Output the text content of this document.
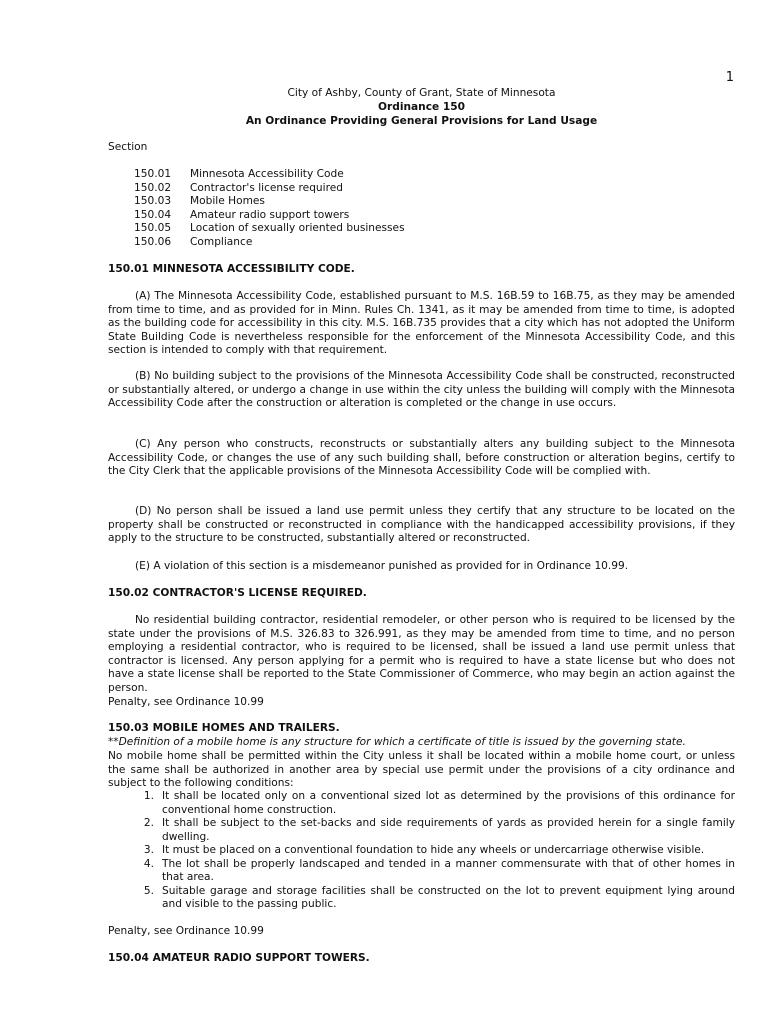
City of Ashby, County of Grant, State of Minnesota
Ordinance 150
An Ordinance Providing General Provisions for Land Usage
Section
150.01	Minnesota Accessibility Code
150.02	Contractor's license required
150.03	Mobile Homes
150.04	Amateur radio support towers
150.05	Location of sexually oriented businesses
150.06	Compliance
150.01 MINNESOTA ACCESSIBILITY CODE.
(A) The Minnesota Accessibility Code, established pursuant to M.S. 16B.59 to 16B.75, as they may be amended from time to time, and as provided for in Minn. Rules Ch. 1341, as it may be amended from time to time, is adopted as the building code for accessibility in this city. M.S. 16B.735 provides that a city which has not adopted the Uniform State Building Code is nevertheless responsible for the enforcement of the Minnesota Accessibility Code, and this section is intended to comply with that requirement.
(B) No building subject to the provisions of the Minnesota Accessibility Code shall be constructed, reconstructed or substantially altered, or undergo a change in use within the city unless the building will comply with the Minnesota Accessibility Code after the construction or alteration is completed or the change in use occurs.
(C) Any person who constructs, reconstructs or substantially alters any building subject to the Minnesota Accessibility Code, or changes the use of any such building shall, before construction or alteration begins, certify to the City Clerk that the applicable provisions of the Minnesota Accessibility Code will be complied with.
(D) No person shall be issued a land use permit unless they certify that any structure to be located on the property shall be constructed or reconstructed in compliance with the handicapped accessibility provisions, if they apply to the structure to be constructed, substantially altered or reconstructed.
(E) A violation of this section is a misdemeanor punished as provided for in Ordinance 10.99.
150.02 CONTRACTOR'S LICENSE REQUIRED.
No residential building contractor, residential remodeler, or other person who is required to be licensed by the state under the provisions of M.S. 326.83 to 326.991, as they may be amended from time to time, and no person employing a residential contractor, who is required to be licensed, shall be issued a land use permit unless that contractor is licensed. Any person applying for a permit who is required to have a state license but who does not have a state license shall be reported to the State Commissioner of Commerce, who may begin an action against the person.
Penalty, see Ordinance 10.99
150.03 MOBILE HOMES AND TRAILERS.
**Definition of a mobile home is any structure for which a certificate of title is issued by the governing state.
No mobile home shall be permitted within the City unless it shall be located within a mobile home court, or unless the same shall be authorized in another area by special use permit under the provisions of a city ordinance and subject to the following conditions:
1. It shall be located only on a conventional sized lot as determined by the provisions of this ordinance for conventional home construction.
2. It shall be subject to the set-backs and side requirements of yards as provided herein for a single family dwelling.
3. It must be placed on a conventional foundation to hide any wheels or undercarriage otherwise visible.
4. The lot shall be properly landscaped and tended in a manner commensurate with that of other homes in that area.
5. Suitable garage and storage facilities shall be constructed on the lot to prevent equipment lying around and visible to the passing public.
Penalty, see Ordinance 10.99
150.04 AMATEUR RADIO SUPPORT TOWERS.
1
